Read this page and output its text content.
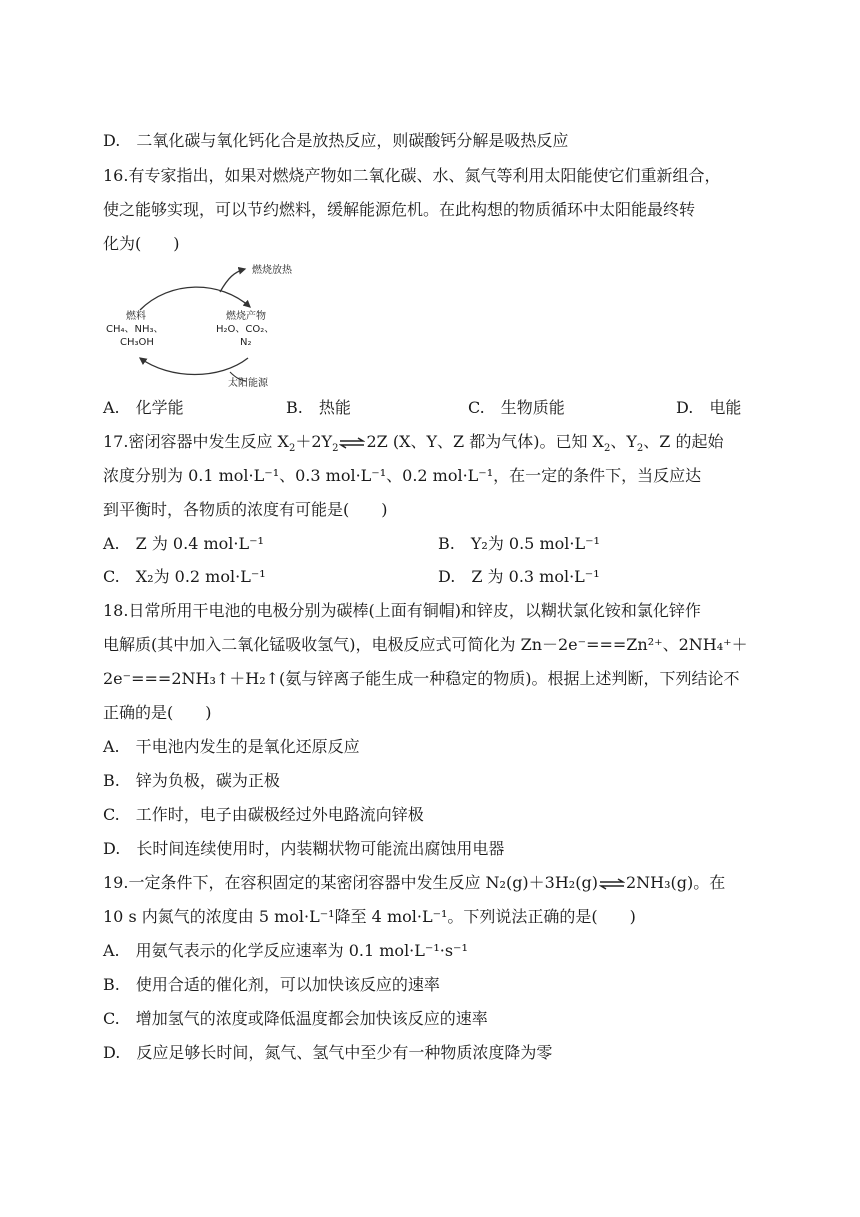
D.　二氧化碳与氧化钙化合是放热反应，则碳酸钙分解是吸热反应
16.有专家指出，如果对燃烧产物如二氧化碳、水、氮气等利用太阳能使它们重新组合，
使之能够实现，可以节约燃料，缓解能源危机。在此构想的物质循环中太阳能最终转
化为(　　)
燃烧放热
燃料
CH₄、NH₃、
CH₃OH
燃烧产物
H₂O、CO₂、
N₂
太阳能源
A.　化学能	B.　热能	C.　生物质能	D.　电能
17.密闭容器中发生反应 $X_2+2Y_2$ ⇌2Z (X、Y、Z 都为气体)。已知 $X_2$、$Y_2$、Z 的起始
浓度分别为 0.1 mol·L⁻¹、0.3 mol·L⁻¹、0.2 mol·L⁻¹，在一定的条件下，当反应达
到平衡时，各物质的浓度有可能是(　　)
A.　Z 为 0.4 mol·L⁻¹	B.　Y₂为 0.5 mol·L⁻¹
C.　X₂为 0.2 mol·L⁻¹	D.　Z 为 0.3 mol·L⁻¹
18.日常所用干电池的电极分别为碳棒(上面有铜帽)和锌皮，以糊状氯化铵和氯化锌作
电解质(其中加入二氧化锰吸收氢气)，电极反应式可简化为 Zn－2e⁻===Zn²⁺、2NH₄⁺＋
2e⁻===2NH₃↑＋H₂↑(氨与锌离子能生成一种稳定的物质)。根据上述判断，下列结论不
正确的是(　　)
A.　干电池内发生的是氧化还原反应
B.　锌为负极，碳为正极
C.　工作时，电子由碳极经过外电路流向锌极
D.　长时间连续使用时，内装糊状物可能流出腐蚀用电器
19.一定条件下，在容积固定的某密闭容器中发生反应 N₂(g)＋3H₂(g)⇌2NH₃(g)。在
10 s 内氮气的浓度由 5 mol·L⁻¹降至 4 mol·L⁻¹。下列说法正确的是(　　)
A.　用氨气表示的化学反应速率为 0.1 mol·L⁻¹·s⁻¹
B.　使用合适的催化剂，可以加快该反应的速率
C.　增加氢气的浓度或降低温度都会加快该反应的速率
D.　反应足够长时间，氮气、氢气中至少有一种物质浓度降为零
